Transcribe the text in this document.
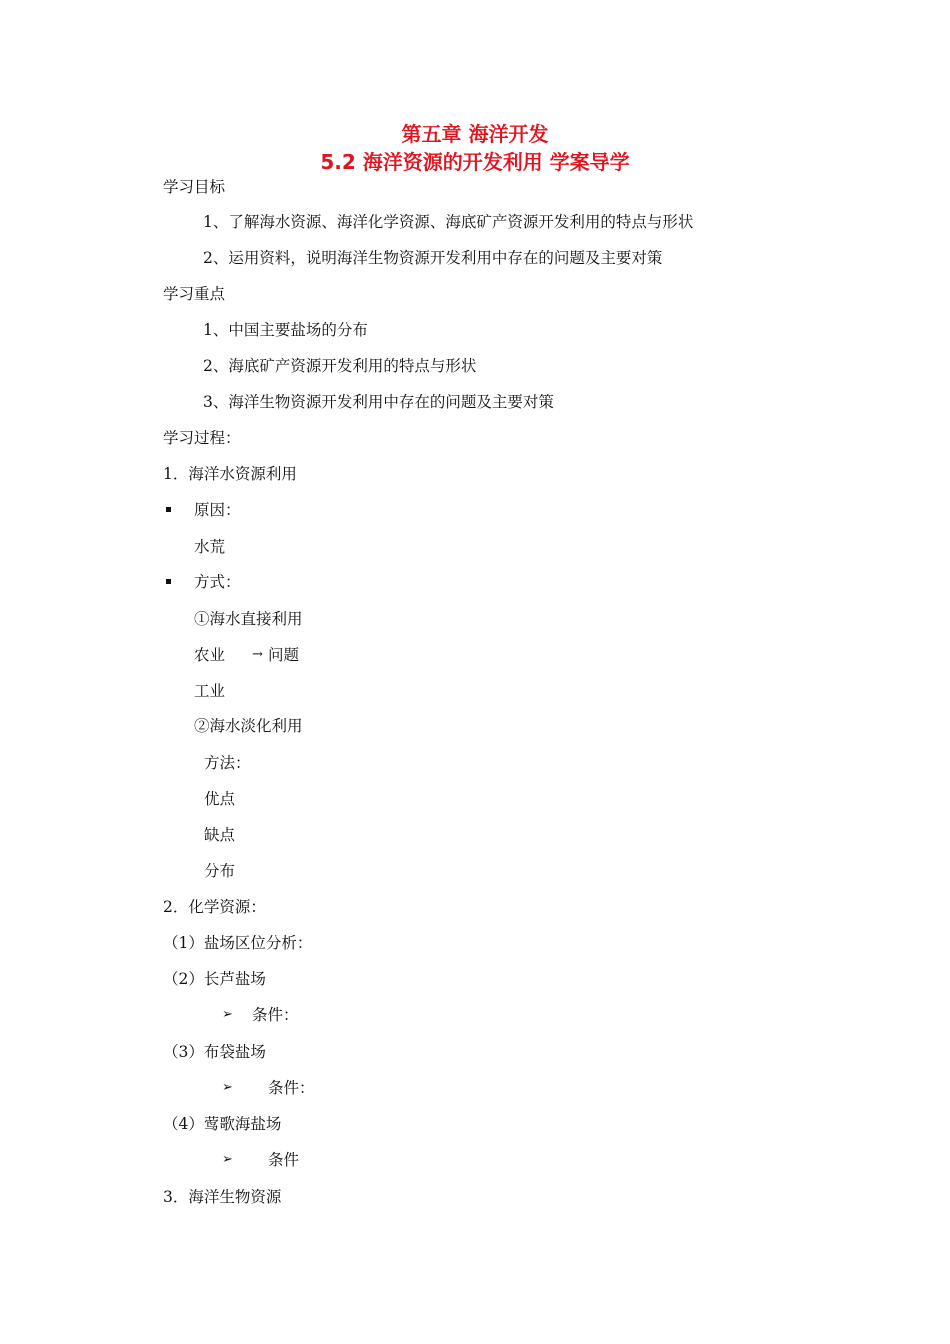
第五章 海洋开发
5.2 海洋资源的开发利用 学案导学
学习目标
1、了解海水资源、海洋化学资源、海底矿产资源开发利用的特点与形状
2、运用资料，说明海洋生物资源开发利用中存在的问题及主要对策
学习重点
1、中国主要盐场的分布
2、海底矿产资源开发利用的特点与形状
3、海洋生物资源开发利用中存在的问题及主要对策
学习过程：
1．海洋水资源利用
原因：
水荒
方式：
①海水直接利用
农业 → 问题
工业
②海水淡化利用
方法：
优点
缺点
分布
2．化学资源：
（1）盐场区位分析：
（2）长芦盐场
➢ 条件：
（3）布袋盐场
➢ 条件：
（4）莺歌海盐场
➢ 条件
3．海洋生物资源
